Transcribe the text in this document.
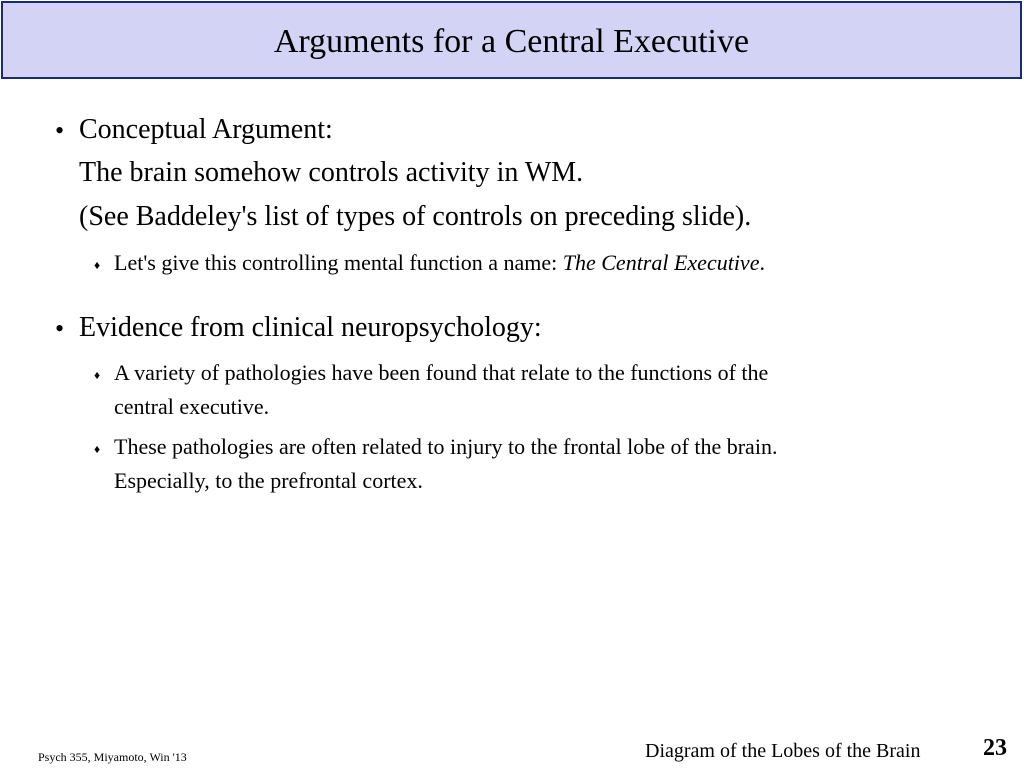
Arguments for a Central Executive
• Conceptual Argument:
The brain somehow controls activity in WM.
(See Baddeley's list of types of controls on preceding slide).
♦ Let's give this controlling mental function a name: The Central Executive.
• Evidence from clinical neuropsychology:
♦ A variety of pathologies have been found that relate to the functions of the
central executive.
♦ These pathologies are often related to injury to the frontal lobe of the brain.
Especially, to the prefrontal cortex.
Psych 355, Miyamoto, Win '13	Diagram of the Lobes of the Brain	23
